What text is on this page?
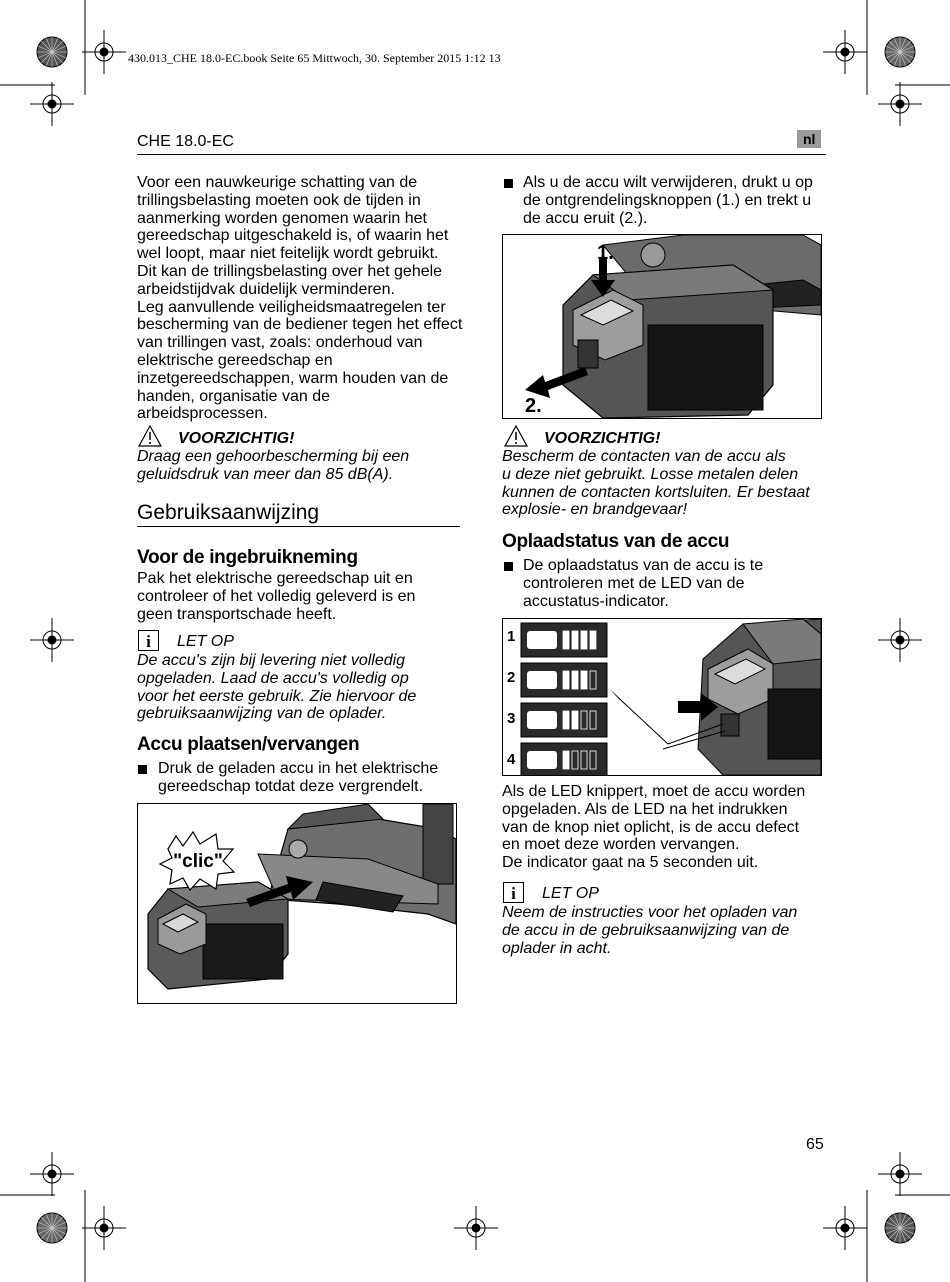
430.013_CHE 18.0-EC.book Seite 65 Mittwoch, 30. September 2015 1:12 13
CHE 18.0-EC	nl
Voor een nauwkeurige schatting van de
trillingsbelasting moeten ook de tijden in
aanmerking worden genomen waarin het
gereedschap uitgeschakeld is, of waarin het
wel loopt, maar niet feitelijk wordt gebruikt.
Dit kan de trillingsbelasting over het gehele
arbeidstijdvak duidelijk verminderen.
Leg aanvullende veiligheidsmaatregelen ter
bescherming van de bediener tegen het effect
van trillingen vast, zoals: onderhoud van
elektrische gereedschap en
inzetgereedschappen, warm houden van de
handen, organisatie van de
arbeidsprocessen.
VOORZICHTIG!
Draag een gehoorbescherming bij een
geluidsdruk van meer dan 85 dB(A).
Gebruiksaanwijzing
Voor de ingebruikneming
Pak het elektrische gereedschap uit en
controleer of het volledig geleverd is en
geen transportschade heeft.
i LET OP
De accu's zijn bij levering niet volledig
opgeladen. Laad de accu's volledig op
voor het eerste gebruik. Zie hiervoor de
gebruiksaanwijzing van de oplader.
Accu plaatsen/vervangen
Druk de geladen accu in het elektrische
gereedschap totdat deze vergrendelt.
"clic"
Als u de accu wilt verwijderen, drukt u op
de ontgrendelingsknoppen (1.) en trekt u
de accu eruit (2.).
1.
2.
VOORZICHTIG!
Bescherm de contacten van de accu als
u deze niet gebruikt. Losse metalen delen
kunnen de contacten kortsluiten. Er bestaat
explosie- en brandgevaar!
Oplaadstatus van de accu
De oplaadstatus van de accu is te
controleren met de LED van de
accustatus-indicator.
1
2
3
4
Als de LED knippert, moet de accu worden
opgeladen. Als de LED na het indrukken
van de knop niet oplicht, is de accu defect
en moet deze worden vervangen.
De indicator gaat na 5 seconden uit.
i LET OP
Neem de instructies voor het opladen van
de accu in de gebruiksaanwijzing van de
oplader in acht.
65
